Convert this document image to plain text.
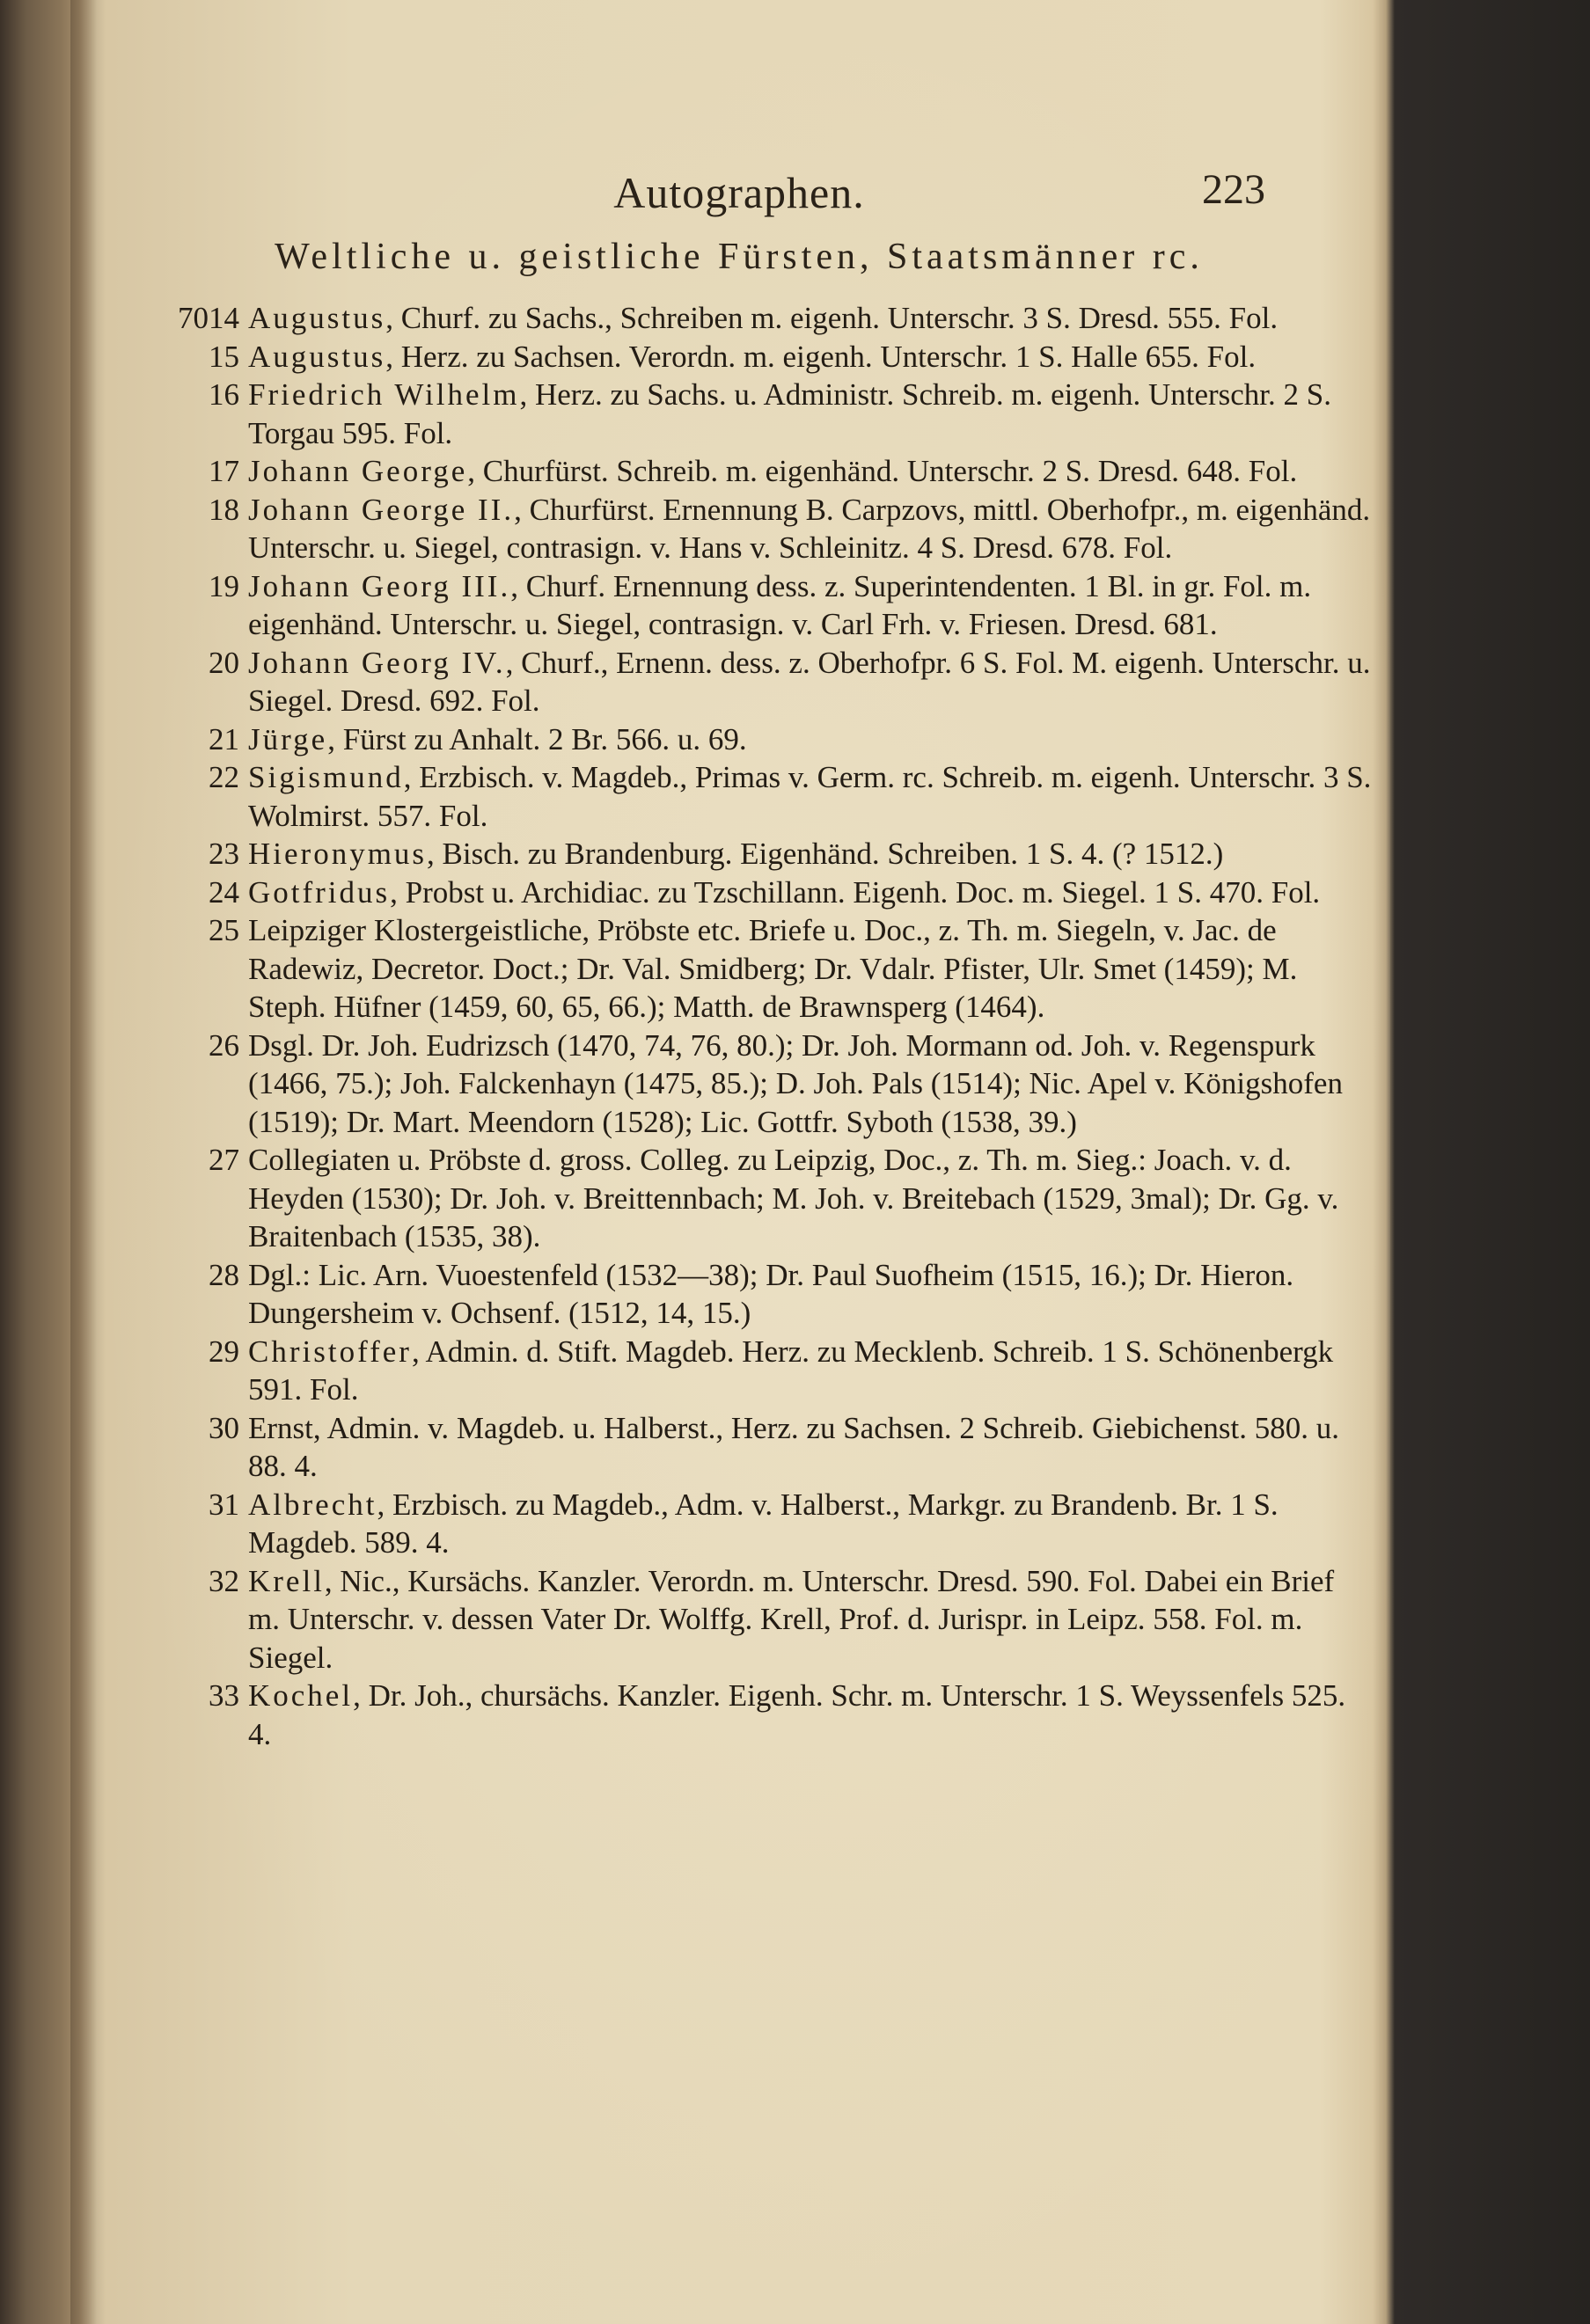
Autographen.	223
Weltliche u. geistliche Fürsten, Staatsmänner rc.
7014 Augustus, Churf. zu Sachs., Schreiben m. eigenh. Unterschr. 3 S. Dresd. 555. Fol.
15 Augustus, Herz. zu Sachsen. Verordn. m. eigenh. Unterschr. 1 S. Halle 655. Fol.
16 Friedrich Wilhelm, Herz. zu Sachs. u. Administr. Schreib. m. eigenh. Unterschr. 2 S. Torgau 595. Fol.
17 Johann George, Churfürst. Schreib. m. eigenhänd. Unterschr. 2 S. Dresd. 648. Fol.
18 Johann George II., Churfürst. Ernennung B. Carpzovs, mittl. Oberhofpr., m. eigenhänd. Unterschr. u. Siegel, contrasign. v. Hans v. Schleinitz. 4 S. Dresd. 678. Fol.
19 Johann Georg III., Churf. Ernennung dess. z. Superintendenten. 1 Bl. in gr. Fol. m. eigenhänd. Unterschr. u. Siegel, contrasign. v. Carl Frh. v. Friesen. Dresd. 681.
20 Johann Georg IV., Churf., Ernenn. dess. z. Oberhofpr. 6 S. Fol. M. eigenh. Unterschr. u. Siegel. Dresd. 692. Fol.
21 Jürge, Fürst zu Anhalt. 2 Br. 566. u. 69.
22 Sigismund, Erzbisch. v. Magdeb., Primas v. Germ. rc. Schreib. m. eigenh. Unterschr. 3 S. Wolmirst. 557. Fol.
23 Hieronymus, Bisch. zu Brandenburg. Eigenhänd. Schreiben. 1 S. 4. (? 1512.)
24 Gotfridus, Probst u. Archidiac. zu Tzschillann. Eigenh. Doc. m. Siegel. 1 S. 470. Fol.
25 Leipziger Klostergeistliche, Pröbste etc. Briefe u. Doc., z. Th. m. Siegeln, v. Jac. de Radewiz, Decretor. Doct.; Dr. Val. Smidberg; Dr. Vdalr. Pfister, Ulr. Smet (1459); M. Steph. Hüfner (1459, 60, 65, 66.); Matth. de Brawnsperg (1464).
26 Dsgl. Dr. Joh. Eudrizsch (1470, 74, 76, 80.); Dr. Joh. Mormann od. Joh. v. Regenspurk (1466, 75.); Joh. Falckenhayn (1475, 85.); D. Joh. Pals (1514); Nic. Apel v. Königshofen (1519); Dr. Mart. Meendorn (1528); Lic. Gottfr. Syboth (1538, 39.)
27 Collegiaten u. Pröbste d. gross. Colleg. zu Leipzig, Doc., z. Th. m. Sieg.: Joach. v. d. Heyden (1530); Dr. Joh. v. Breittennbach; M. Joh. v. Breitebach (1529, 3mal); Dr. Gg. v. Braitenbach (1535, 38).
28 Dgl.: Lic. Arn. Vuoestenfeld (1532—38); Dr. Paul Suofheim (1515, 16.); Dr. Hieron. Dungersheim v. Ochsenf. (1512, 14, 15.)
29 Christoffer, Admin. d. Stift. Magdeb. Herz. zu Mecklenb. Schreib. 1 S. Schönenbergk 591. Fol.
30 Ernst, Admin. v. Magdeb. u. Halberst., Herz. zu Sachsen. 2 Schreib. Giebichenst. 580. u. 88. 4.
31 Albrecht, Erzbisch. zu Magdeb., Adm. v. Halberst., Markgr. zu Brandenb. Br. 1 S. Magdeb. 589. 4.
32 Krell, Nic., Kursächs. Kanzler. Verordn. m. Unterschr. Dresd. 590. Fol. Dabei ein Brief m. Unterschr. v. dessen Vater Dr. Wolffg. Krell, Prof. d. Jurispr. in Leipz. 558. Fol. m. Siegel.
33 Kochel, Dr. Joh., chursächs. Kanzler. Eigenh. Schr. m. Unterschr. 1 S. Weyssenfels 525. 4.
